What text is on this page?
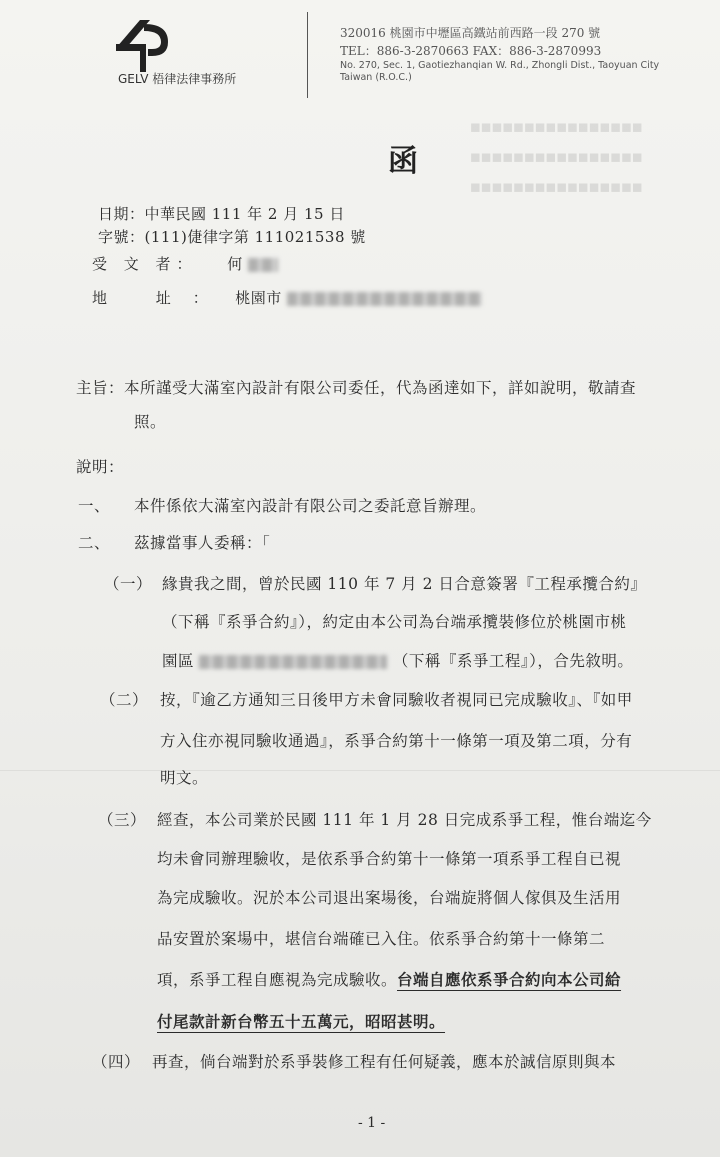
◼◼◼◼◼◼◼◼◼◼◼◼◼◼◼◼
◼◼◼◼◼◼◼◼◼◼◼◼◼◼◼◼
◼◼◼◼◼◼◼◼◼◼◼◼◼◼◼◼
GELV 梧律法律事務所
320016 桃園市中壢區高鐵站前西路一段 270 號
TEL：886-3-2870663 FAX：886-3-2870993
No. 270, Sec. 1, Gaotiezhanqian W. Rd., Zhongli Dist., Taoyuan City
Taiwan (R.O.C.)
函
日期：中華民國 111 年 2 月 15 日
字號：(111)倢律字第 111021538 號
受 文 者： 何
地 址： 桃園市
主旨：本所謹受大滿室內設計有限公司委任，代為函達如下，詳如說明，敬請查
照。
說明：
一、 本件係依大滿室內設計有限公司之委託意旨辦理。
二、 茲據當事人委稱：「
（一） 緣貴我之間，曾於民國 110 年 7 月 2 日合意簽署『工程承攬合約』
（下稱『系爭合約』），約定由本公司為台端承攬裝修位於桃園市桃
園區	（下稱『系爭工程』），合先敘明。
（二） 按，『逾乙方通知三日後甲方未會同驗收者視同已完成驗收』、『如甲
方入住亦視同驗收通過』，系爭合約第十一條第一項及第二項，分有
明文。
（三） 經查，本公司業於民國 111 年 1 月 28 日完成系爭工程，惟台端迄今
均未會同辦理驗收，是依系爭合約第十一條第一項系爭工程自已視
為完成驗收。況於本公司退出案場後，台端旋將個人傢俱及生活用
品安置於案場中，堪信台端確已入住。依系爭合約第十一條第二
項，系爭工程自應視為完成驗收。台端自應依系爭合約向本公司給
付尾款計新台幣五十五萬元，昭昭甚明。
（四） 再查，倘台端對於系爭裝修工程有任何疑義，應本於誠信原則與本
- 1 -
